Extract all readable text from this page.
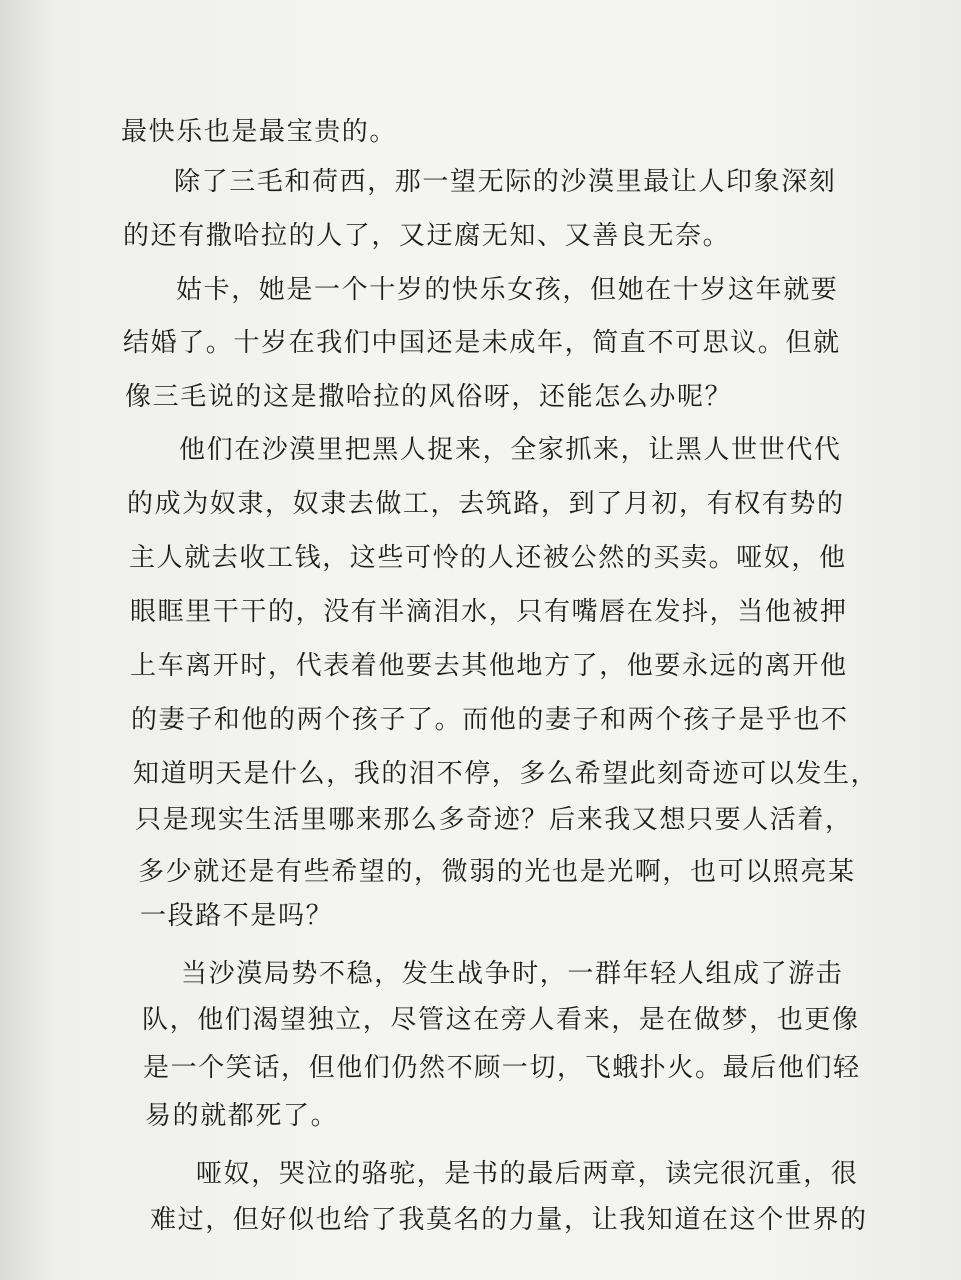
最快乐也是最宝贵的。
除了三毛和荷西，那一望无际的沙漠里最让人印象深刻
的还有撒哈拉的人了，又迂腐无知、又善良无奈。
姑卡，她是一个十岁的快乐女孩，但她在十岁这年就要
结婚了。十岁在我们中国还是未成年，简直不可思议。但就
像三毛说的这是撒哈拉的风俗呀，还能怎么办呢？
他们在沙漠里把黑人捉来，全家抓来，让黑人世世代代
的成为奴隶，奴隶去做工，去筑路，到了月初，有权有势的
主人就去收工钱，这些可怜的人还被公然的买卖。哑奴，他
眼眶里干干的，没有半滴泪水，只有嘴唇在发抖，当他被押
上车离开时，代表着他要去其他地方了，他要永远的离开他
的妻子和他的两个孩子了。而他的妻子和两个孩子是乎也不
知道明天是什么，我的泪不停，多么希望此刻奇迹可以发生，
只是现实生活里哪来那么多奇迹？后来我又想只要人活着，
多少就还是有些希望的，微弱的光也是光啊，也可以照亮某
一段路不是吗？
当沙漠局势不稳，发生战争时，一群年轻人组成了游击
队，他们渴望独立，尽管这在旁人看来，是在做梦，也更像
是一个笑话，但他们仍然不顾一切，飞蛾扑火。最后他们轻
易的就都死了。
哑奴，哭泣的骆驼，是书的最后两章，读完很沉重，很
难过，但好似也给了我莫名的力量，让我知道在这个世界的
